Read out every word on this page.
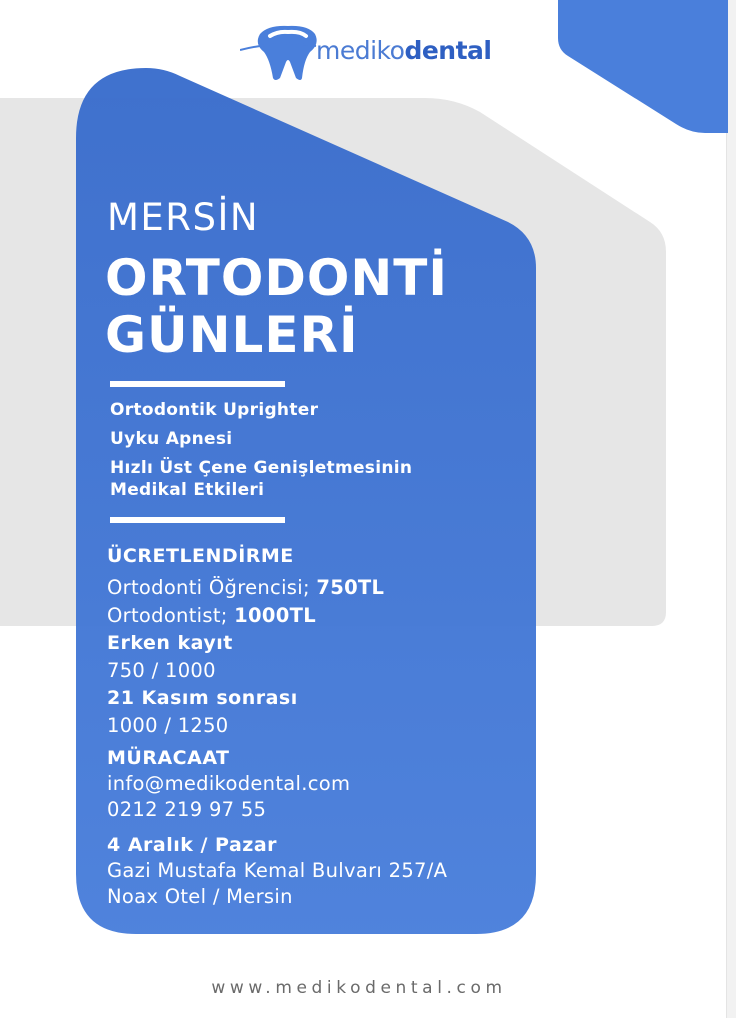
medikodental
MERSİN
ORTODONTİ
GÜNLERİ
Ortodontik Uprighter
Uyku Apnesi
Hızlı Üst Çene Genişletmesinin
Medikal Etkileri
ÜCRETLENDİRME
Ortodonti Öğrencisi; 750TL
Ortodontist; 1000TL
Erken kayıt
750 / 1000
21 Kasım sonrası
1000 / 1250
MÜRACAAT
info@medikodental.com
0212 219 97 55
4 Aralık / Pazar
Gazi Mustafa Kemal Bulvarı 257/A
Noax Otel / Mersin
www.medikodental.com
